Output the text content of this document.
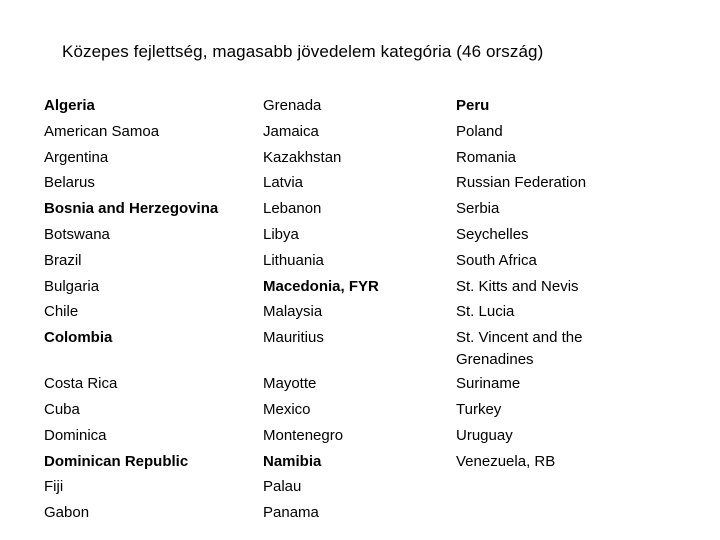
Közepes fejlettség, magasabb jövedelem kategória (46 ország)
Algeria	Grenada	Peru
American Samoa	Jamaica	Poland
Argentina	Kazakhstan	Romania
Belarus	Latvia	Russian Federation
Bosnia and Herzegovina	Lebanon	Serbia
Botswana	Libya	Seychelles
Brazil	Lithuania	South Africa
Bulgaria	Macedonia, FYR	St. Kitts and Nevis
Chile	Malaysia	St. Lucia
Colombia	Mauritius	St. Vincent and the Grenadines
Costa Rica	Mayotte	Suriname
Cuba	Mexico	Turkey
Dominica	Montenegro	Uruguay
Dominican Republic	Namibia	Venezuela, RB
Fiji	Palau
Gabon	Panama
